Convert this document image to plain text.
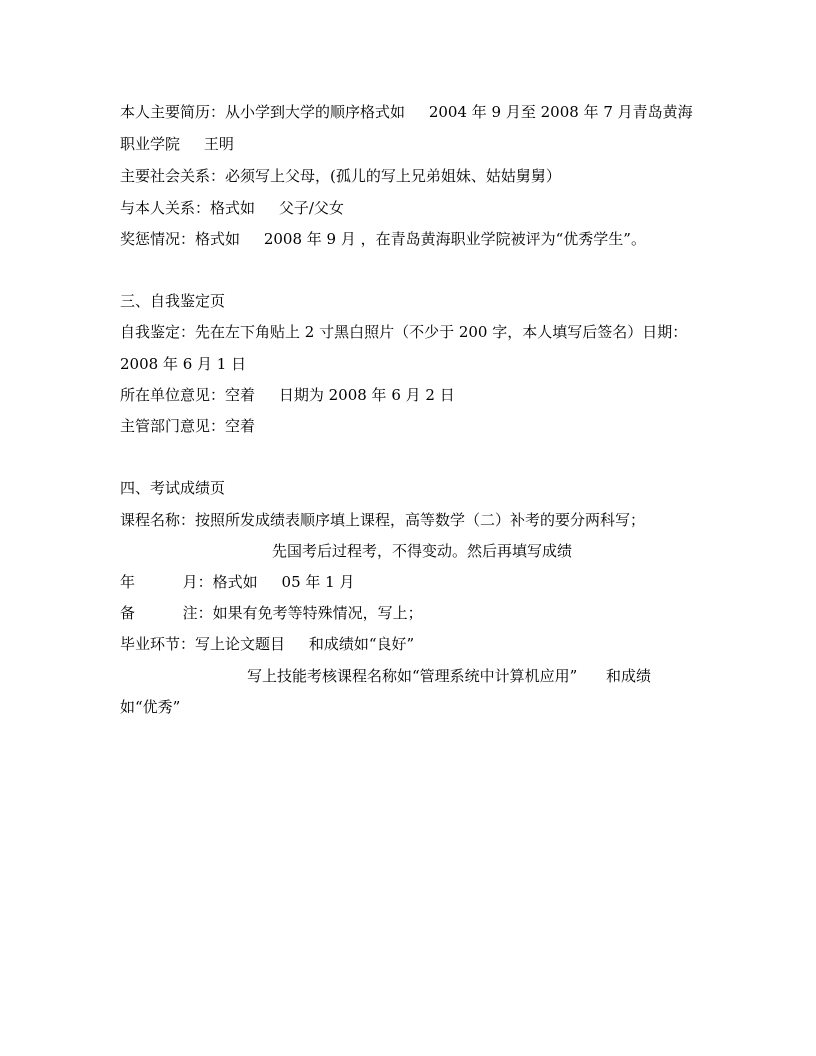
本人主要简历：从小学到大学的顺序格式如     2004 年 9 月至 2008 年 7 月青岛黄海
职业学院     王明
主要社会关系：必须写上父母，(孤儿的写上兄弟姐妹、姑姑舅舅）
与本人关系：格式如     父子/父女
奖惩情况：格式如     2008 年 9 月 ，在青岛黄海职业学院被评为“优秀学生”。
三、自我鉴定页
自我鉴定：先在左下角贴上 2 寸黑白照片（不少于 200 字，本人填写后签名）日期：
2008 年 6 月 1 日
所在单位意见：空着     日期为 2008 年 6 月 2 日
主管部门意见：空着
四、考试成绩页
课程名称：按照所发成绩表顺序填上课程，高等数学（二）补考的要分两科写；
先国考后过程考，不得变动。然后再填写成绩
年          月：格式如     05 年 1 月
备          注：如果有免考等特殊情况，写上；
毕业环节：写上论文题目     和成绩如“良好”
写上技能考核课程名称如“管理系统中计算机应用”      和成绩
如“优秀”
